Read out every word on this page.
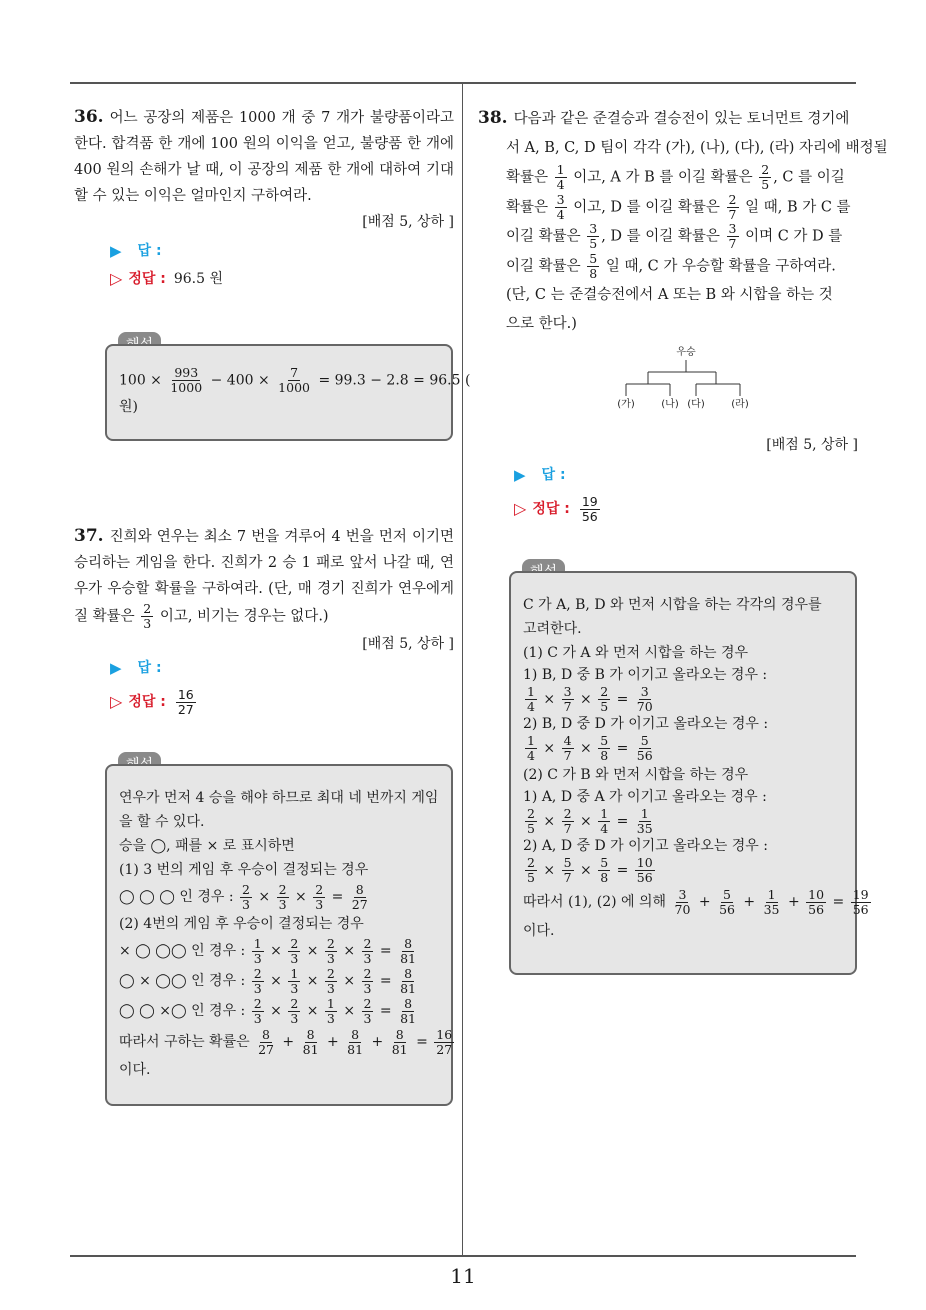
11
36. 어느 공장의 제품은 1000 개 중 7 개가 불량품이라고 한다. 합격품 한 개에 100 원의 이익을 얻고, 불량품 한 개에 400 원의 손해가 날 때, 이 공장의 제품 한 개에 대하여 기대할 수 있는 이익은 얼마인지 구하여라.
[배점 5, 상하 ]
▶ 답 :
▷ 정답 : 96.5 원
$100 \times \frac{993}{1000} - 400 \times \frac{7}{1000} = 99.3 - 2.8 = 96.5$ (
원)
37. 진희와 연우는 최소 7 번을 겨루어 4 번을 먼저 이기면 승리하는 게임을 한다. 진희가 2 승 1 패로 앞서 나갈 때, 연우가 우승할 확률을 구하여라. (단, 매 경기 진희가 연우에게 질 확률은 $\frac{2}{3}$ 이고, 비기는 경우는 없다.)
[배점 5, 상하 ]
▶ 답 :
▷ 정답 : $\frac{16}{27}$
연우가 먼저 4 승을 해야 하므로 최대 네 번까지 게임을 할 수 있다.
승을 ◯, 패를 × 로 표시하면
(1) 3 번의 게임 후 우승이 결정되는 경우
◯ ◯ ◯ 인 경우 : $\frac{2}{3} \times \frac{2}{3} \times \frac{2}{3} = \frac{8}{27}$
(2) 4번의 게임 후 우승이 결정되는 경우
× ◯ ◯◯ 인 경우 : $\frac{1}{3} \times \frac{2}{3} \times \frac{2}{3} \times \frac{2}{3} = \frac{8}{81}$
◯ × ◯◯ 인 경우 : $\frac{2}{3} \times \frac{1}{3} \times \frac{2}{3} \times \frac{2}{3} = \frac{8}{81}$
◯ ◯ ×◯ 인 경우 : $\frac{2}{3} \times \frac{2}{3} \times \frac{1}{3} \times \frac{2}{3} = \frac{8}{81}$
따라서 구하는 확률은 $\frac{8}{27} + \frac{8}{81} + \frac{8}{81} + \frac{8}{81} = \frac{16}{27}$
이다.
38. 다음과 같은 준결승과 결승전이 있는 토너먼트 경기에
서 A, B, C, D 팀이 각각 (가), (나), (다), (라) 자리에 배정될
확률은 $\frac{1}{4}$ 이고, A 가 B 를 이길 확률은 $\frac{2}{5}$ , C 를 이길
확률은 $\frac{3}{4}$ 이고, D 를 이길 확률은 $\frac{2}{7}$ 일 때, B 가 C 를
이길 확률은 $\frac{3}{5}$ , D 를 이길 확률은 $\frac{3}{7}$ 이며 C 가 D 를
이길 확률은 $\frac{5}{8}$ 일 때, C 가 우승할 확률을 구하여라.
(단, C 는 준결승전에서 A 또는 B 와 시합을 하는 것
으로 한다.)
우승
(가)	(나) (다)	(라)
[배점 5, 상하 ]
▶ 답 :
▷ 정답 : $\frac{19}{56}$
C 가 A, B, D 와 먼저 시합을 하는 각각의 경우를
고려한다.
(1) C 가 A 와 먼저 시합을 하는 경우
1) B, D 중 B 가 이기고 올라오는 경우 :
$\frac{1}{4} \times \frac{3}{7} \times \frac{2}{5} = \frac{3}{70}$
2) B, D 중 D 가 이기고 올라오는 경우 :
$\frac{1}{4} \times \frac{4}{7} \times \frac{5}{8} = \frac{5}{56}$
(2) C 가 B 와 먼저 시합을 하는 경우
1) A, D 중 A 가 이기고 올라오는 경우 :
$\frac{2}{5} \times \frac{2}{7} \times \frac{1}{4} = \frac{1}{35}$
2) A, D 중 D 가 이기고 올라오는 경우 :
$\frac{2}{5} \times \frac{5}{7} \times \frac{5}{8} = \frac{10}{56}$
따라서 (1), (2) 에 의해 $\frac{3}{70} + \frac{5}{56} + \frac{1}{35} + \frac{10}{56} = \frac{19}{56}$
이다.
